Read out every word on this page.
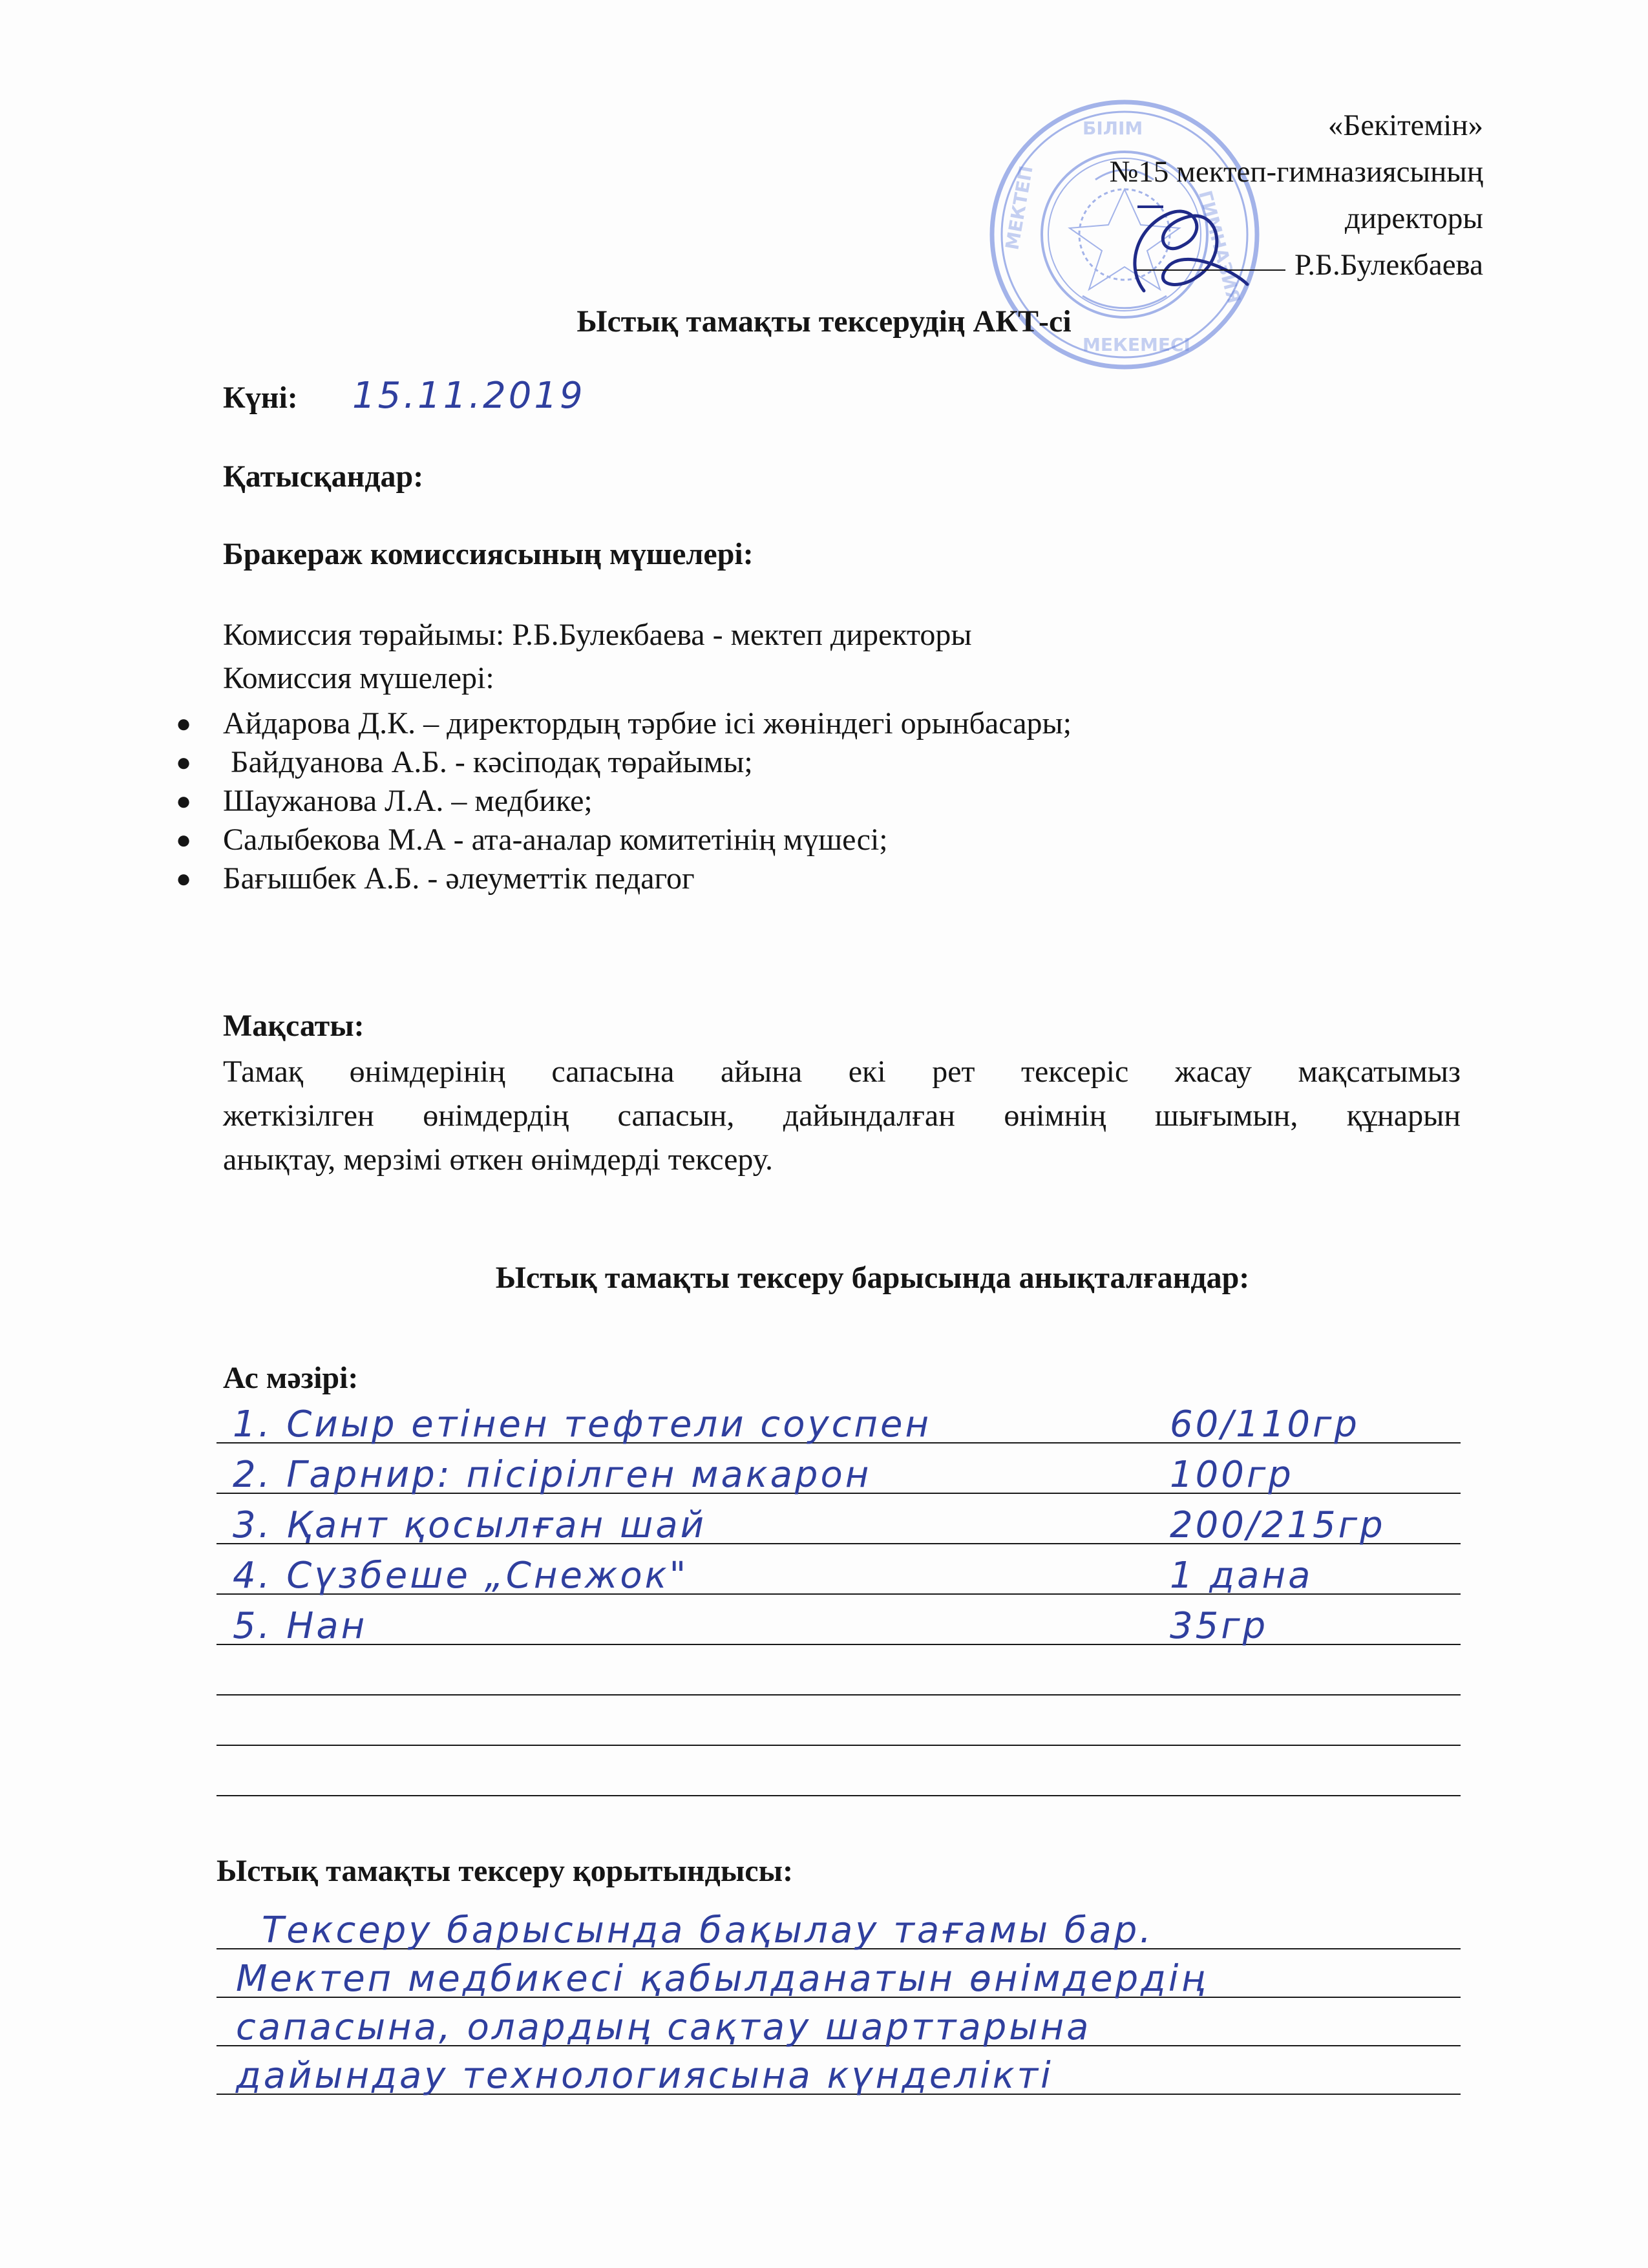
БІЛІМ
МЕКТЕП	ГИМНАЗИЯ
МЕКЕМЕСІ
«Бекітемін»
№15 мектеп-гимназиясының
директоры
Р.Б.Булекбаева
Ыстық тамақты тексерудің АКТ-сі
Күні: 15.11.2019
Қатысқандар:
Бракераж комиссиясының мүшелері:
Комиссия төрайымы: Р.Б.Булекбаева - мектеп директоры
Комиссия мүшелері:
● Айдарова Д.К. – директордың тәрбие ісі жөніндегі орынбасары;
● Байдуанова А.Б. - кәсіподақ төрайымы;
● Шаужанова Л.А. – медбике;
● Салыбекова М.А - ата-аналар комитетінің мүшесі;
● Бағышбек А.Б. - әлеуметтік педагог
Мақсаты:
Тамақ өнімдерінің сапасына айына екі рет тексеріс жасау мақсатымыз
жеткізілген өнімдердің сапасын, дайындалған өнімнің шығымын, құнарын
анықтау, мерзімі өткен өнімдерді тексеру.
Ыстық тамақты тексеру барысында анықталғандар:
Ас мәзірі:
1. Сиыр етінен тефтели соуспен	60/110гр
2. Гарнир: пісірілген макарон	100гр
3. Қант қосылған шай	200/215гр
4. Сүзбеше „Снежок"	1 дана
5. Нан	35гр
Ыстық тамақты тексеру қорытындысы:
Тексеру барысында бақылау тағамы бар.
Мектеп медбикесі қабылданатын өнімдердің
сапасына, олардың сақтау шарттарына
дайындау технологиясына күнделікті
